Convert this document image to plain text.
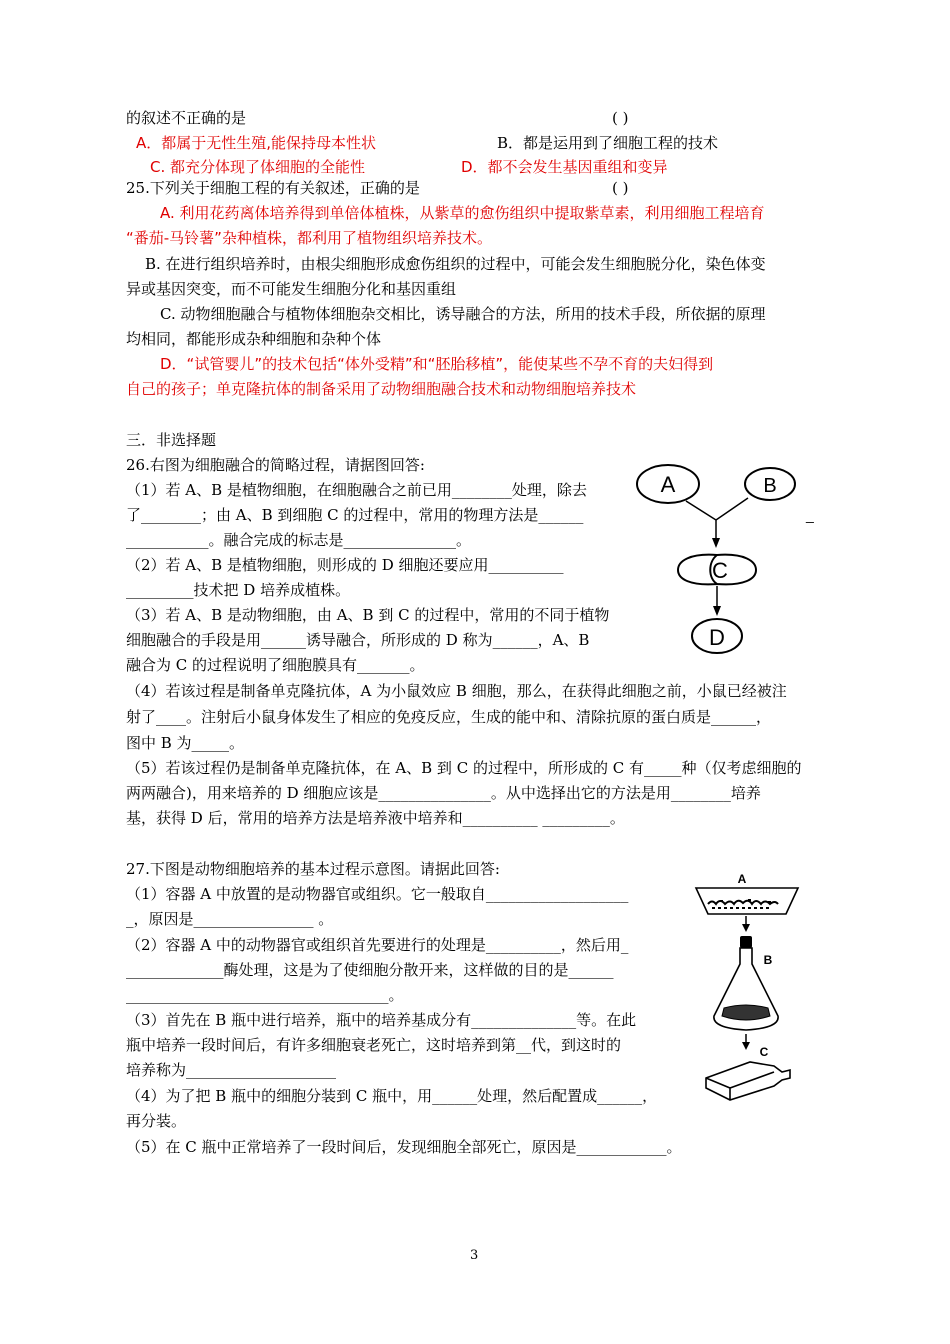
的叙述不正确的是	( )
A．都属于无性生殖,能保持母本性状	B．都是运用到了细胞工程的技术
C. 都充分体现了体细胞的全能性	D．都不会发生基因重组和变异
25.下列关于细胞工程的有关叙述，正确的是	( )
A. 利用花药离体培养得到单倍体植株，从紫草的愈伤组织中提取紫草素，利用细胞工程培育
“番茄-马铃薯”杂种植株，都利用了植物组织培养技术。
B. 在进行组织培养时，由根尖细胞形成愈伤组织的过程中，可能会发生细胞脱分化，染色体变
异或基因突变，而不可能发生细胞分化和基因重组
C. 动物细胞融合与植物体细胞杂交相比，诱导融合的方法，所用的技术手段，所依据的原理
均相同，都能形成杂种细胞和杂种个体
D．“试管婴儿”的技术包括“体外受精”和“胚胎移植”，能使某些不孕不育的夫妇得到
自己的孩子；单克隆抗体的制备采用了动物细胞融合技术和动物细胞培养技术
三．非选择题
26.右图为细胞融合的简略过程，请据图回答:
（1）若 A、B 是植物细胞，在细胞融合之前已用________处理，除去
了________；由 A、B 到细胞 C 的过程中，常用的物理方法是______
___________。融合完成的标志是_______________。
（2）若 A、B 是植物细胞，则形成的 D 细胞还要应用__________
_________技术把 D 培养成植株。
（3）若 A、B 是动物细胞，由 A、B 到 C 的过程中，常用的不同于植物
细胞融合的手段是用______诱导融合，所形成的 D 称为______，A、B
融合为 C 的过程说明了细胞膜具有_______。
（4）若该过程是制备单克隆抗体，A 为小鼠效应 B 细胞，那么，在获得此细胞之前，小鼠已经被注
射了____。注射后小鼠身体发生了相应的免疫反应，生成的能中和、清除抗原的蛋白质是______，
图中 B 为_____。
（5）若该过程仍是制备单克隆抗体，在 A、B 到 C 的过程中，所形成的 C 有_____种（仅考虑细胞的
两两融合)，用来培养的 D 细胞应该是_______________。从中选择出它的方法是用________培养
基，获得 D 后，常用的培养方法是培养液中培养和__________ _________。
A	B
_
C
D
27.下图是动物细胞培养的基本过程示意图。请据此回答:
（1）容器 A 中放置的是动物器官或组织。它一般取自___________________
_，原因是________________ 。
（2）容器 A 中的动物器官或组织首先要进行的处理是__________，然后用_
_____________酶处理，这是为了使细胞分散开来，这样做的目的是______
___________________________________。
（3）首先在 B 瓶中进行培养，瓶中的培养基成分有______________等。在此
瓶中培养一段时间后，有许多细胞衰老死亡，这时培养到第__代，到这时的
培养称为____________________
（4）为了把 B 瓶中的细胞分装到 C 瓶中，用______处理，然后配置成______，
再分装。
（5）在 C 瓶中正常培养了一段时间后，发现细胞全部死亡，原因是____________。
A
B
C
3
